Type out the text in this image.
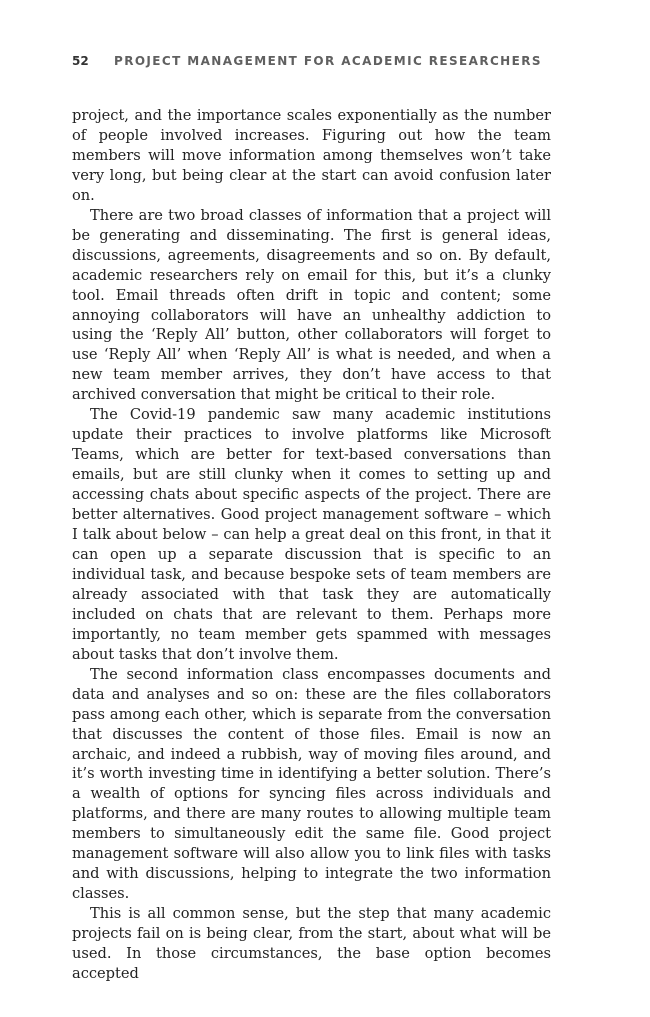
52 PROJECT MANAGEMENT FOR ACADEMIC RESEARCHERS

project, and the importance scales exponentially as the number of people involved increases. Figuring out how the team members will move information among themselves won’t take very long, but being clear at the start can avoid confusion later on.

There are two broad classes of information that a project will be generating and disseminating. The first is general ideas, discussions, agreements, disagreements and so on. By default, academic researchers rely on email for this, but it’s a clunky tool. Email threads often drift in topic and content; some annoying collaborators will have an unhealthy addiction to using the ‘Reply All’ button, other collaborators will forget to use ‘Reply All’ when ‘Reply All’ is what is needed, and when a new team member arrives, they don’t have access to that archived conversation that might be critical to their role.

The Covid-19 pandemic saw many academic institutions update their practices to involve platforms like Microsoft Teams, which are better for text-based conversations than emails, but are still clunky when it comes to setting up and accessing chats about specific aspects of the project. There are better alternatives. Good project management software – which I talk about below – can help a great deal on this front, in that it can open up a separate discussion that is specific to an individual task, and because bespoke sets of team members are already associated with that task they are automatically included on chats that are relevant to them. Perhaps more importantly, no team member gets spammed with messages about tasks that don’t involve them.

The second information class encompasses documents and data and analyses and so on: these are the files collaborators pass among each other, which is separate from the conversation that discusses the content of those files. Email is now an archaic, and indeed a rubbish, way of moving files around, and it’s worth investing time in identifying a better solution. There’s a wealth of options for syncing files across individuals and platforms, and there are many routes to allowing multiple team members to simultaneously edit the same file. Good project management software will also allow you to link files with tasks and with discussions, helping to integrate the two information classes.

This is all common sense, but the step that many academic projects fail on is being clear, from the start, about what will be used. In those circumstances, the base option becomes accepted
